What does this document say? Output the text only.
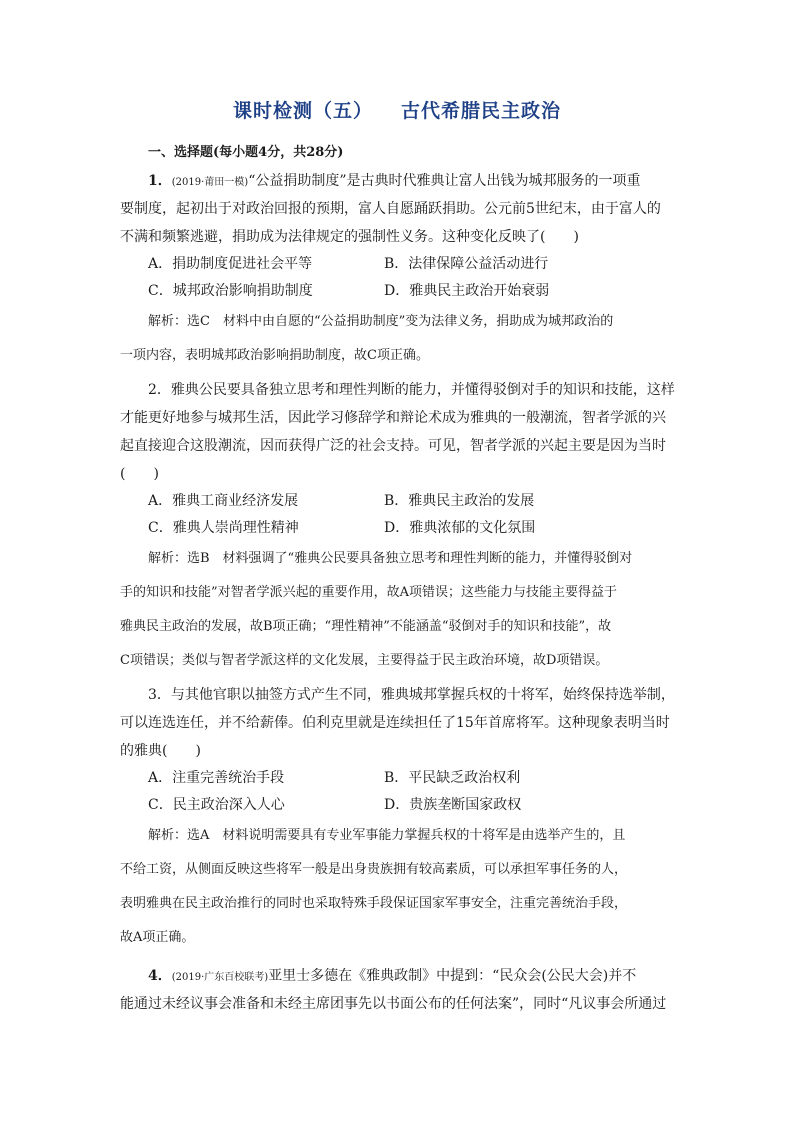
课时检测（五） 古代希腊民主政治
一、选择题(每小题4分，共28分)
1．(2019·莆田一模)“公益捐助制度”是古典时代雅典让富人出钱为城邦服务的一项重
要制度，起初出于对政治回报的预期，富人自愿踊跃捐助。公元前5世纪末，由于富人的
不满和频繁逃避，捐助成为法律规定的强制性义务。这种变化反映了(　　)
A．捐助制度促进社会平等	B．法律保障公益活动进行
C．城邦政治影响捐助制度	D．雅典民主政治开始衰弱
解析：选C　材料中由自愿的“公益捐助制度”变为法律义务，捐助成为城邦政治的
一项内容，表明城邦政治影响捐助制度，故C项正确。
2．雅典公民要具备独立思考和理性判断的能力，并懂得驳倒对手的知识和技能，这样
才能更好地参与城邦生活，因此学习修辞学和辩论术成为雅典的一般潮流，智者学派的兴
起直接迎合这股潮流，因而获得广泛的社会支持。可见，智者学派的兴起主要是因为当时
(　　)
A．雅典工商业经济发展	B．雅典民主政治的发展
C．雅典人崇尚理性精神	D．雅典浓郁的文化氛围
解析：选B　材料强调了“雅典公民要具备独立思考和理性判断的能力，并懂得驳倒对
手的知识和技能”对智者学派兴起的重要作用，故A项错误；这些能力与技能主要得益于
雅典民主政治的发展，故B项正确；“理性精神”不能涵盖“驳倒对手的知识和技能”，故
C项错误；类似与智者学派这样的文化发展，主要得益于民主政治环境，故D项错误。
3．与其他官职以抽签方式产生不同，雅典城邦掌握兵权的十将军，始终保持选举制，
可以连选连任，并不给薪俸。伯利克里就是连续担任了15年首席将军。这种现象表明当时
的雅典(　　)
A．注重完善统治手段	B．平民缺乏政治权利
C．民主政治深入人心	D．贵族垄断国家政权
解析：选A　材料说明需要具有专业军事能力掌握兵权的十将军是由选举产生的，且
不给工资，从侧面反映这些将军一般是出身贵族拥有较高素质，可以承担军事任务的人，
表明雅典在民主政治推行的同时也采取特殊手段保证国家军事安全，注重完善统治手段，
故A项正确。
4．(2019·广东百校联考)亚里士多德在《雅典政制》中提到：“民众会(公民大会)并不
能通过未经议事会准备和未经主席团事先以书面公布的任何法案”，同时“凡议事会所通过
